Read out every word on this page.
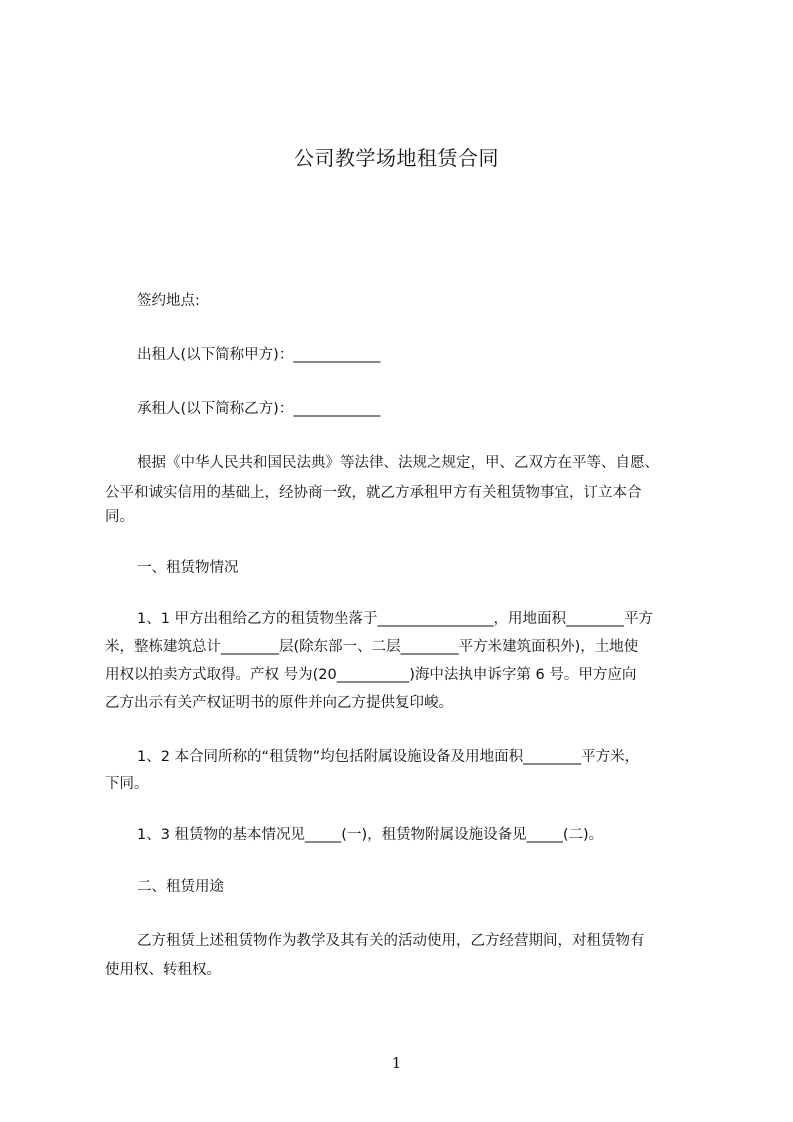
公司教学场地租赁合同
签约地点:
出租人(以下简称甲方)：____________
承租人(以下简称乙方)：____________
根据《中华人民共和国民法典》等法律、法规之规定，甲、乙双方在平等、自愿、
公平和诚实信用的基础上，经协商一致，就乙方承租甲方有关租赁物事宜，订立本合
同。
一、租赁物情况
1、1 甲方出租给乙方的租赁物坐落于________________，用地面积________平方
米，整栋建筑总计________层(除东部一、二层________平方米建筑面积外)，土地使
用权以拍卖方式取得。产权 号为(20__________)海中法执申诉字第 6 号。甲方应向
乙方出示有关产权证明书的原件并向乙方提供复印峻。
1、2 本合同所称的“租赁物”均包括附属设施设备及用地面积________平方米，
下同。
1、3 租赁物的基本情况见_____(一)，租赁物附属设施设备见_____(二)。
二、租赁用途
乙方租赁上述租赁物作为教学及其有关的活动使用，乙方经营期间，对租赁物有
使用权、转租权。
1
